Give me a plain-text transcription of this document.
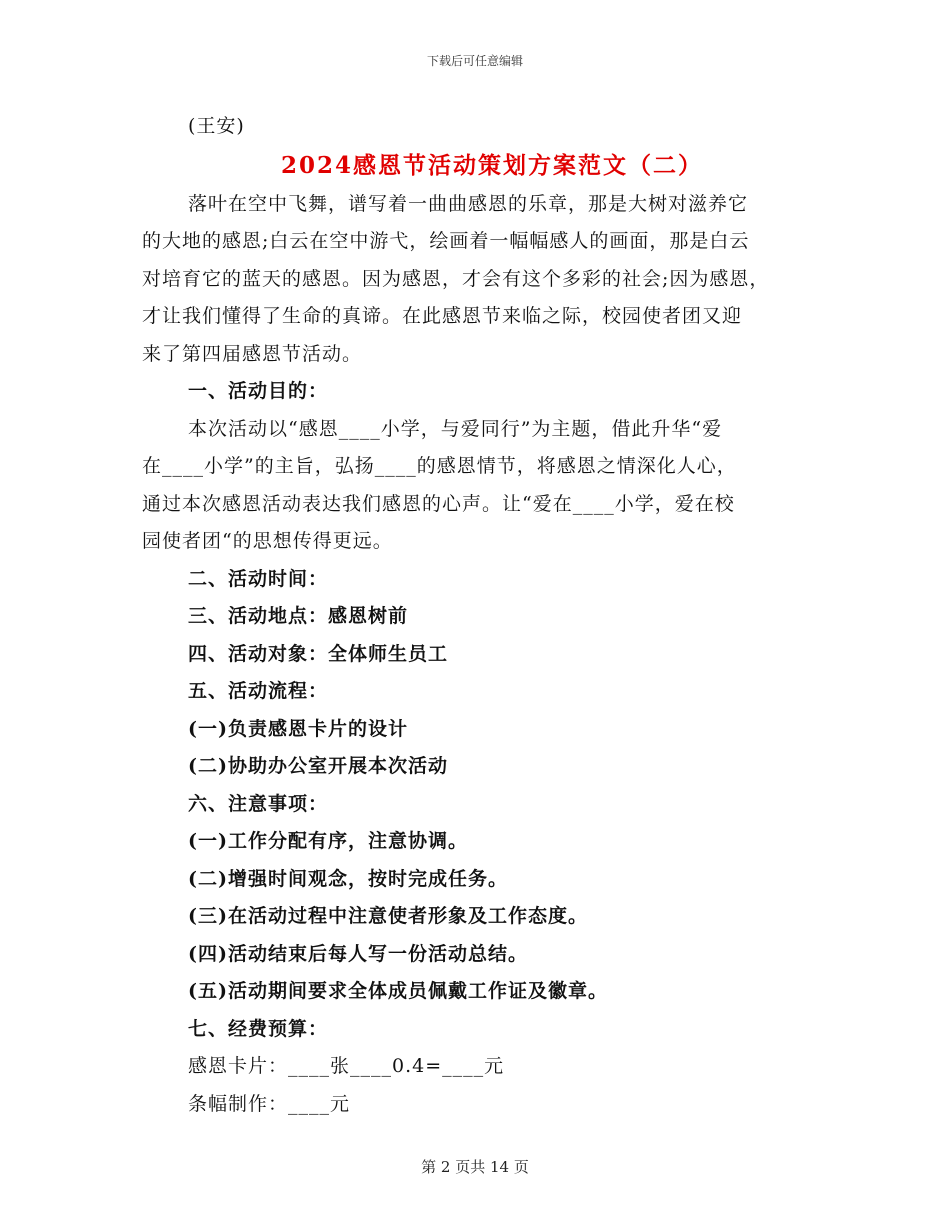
下载后可任意编辑
(王安)
2024感恩节活动策划方案范文（二）
落叶在空中飞舞，谱写着一曲曲感恩的乐章，那是大树对滋养它
的大地的感恩;白云在空中游弋，绘画着一幅幅感人的画面，那是白云
对培育它的蓝天的感恩。因为感恩，才会有这个多彩的社会;因为感恩，
才让我们懂得了生命的真谛。在此感恩节来临之际，校园使者团又迎
来了第四届感恩节活动。
一、活动目的：
本次活动以“感恩____小学，与爱同行”为主题，借此升华“爱
在____小学”的主旨，弘扬____的感恩情节，将感恩之情深化人心，
通过本次感恩活动表达我们感恩的心声。让“爱在____小学，爱在校
园使者团“的思想传得更远。
二、活动时间：
三、活动地点：感恩树前
四、活动对象：全体师生员工
五、活动流程：
(一)负责感恩卡片的设计
(二)协助办公室开展本次活动
六、注意事项：
(一)工作分配有序，注意协调。
(二)增强时间观念，按时完成任务。
(三)在活动过程中注意使者形象及工作态度。
(四)活动结束后每人写一份活动总结。
(五)活动期间要求全体成员佩戴工作证及徽章。
七、经费预算：
感恩卡片：____张____0.4=____元
条幅制作：____元
第 2 页共 14 页
